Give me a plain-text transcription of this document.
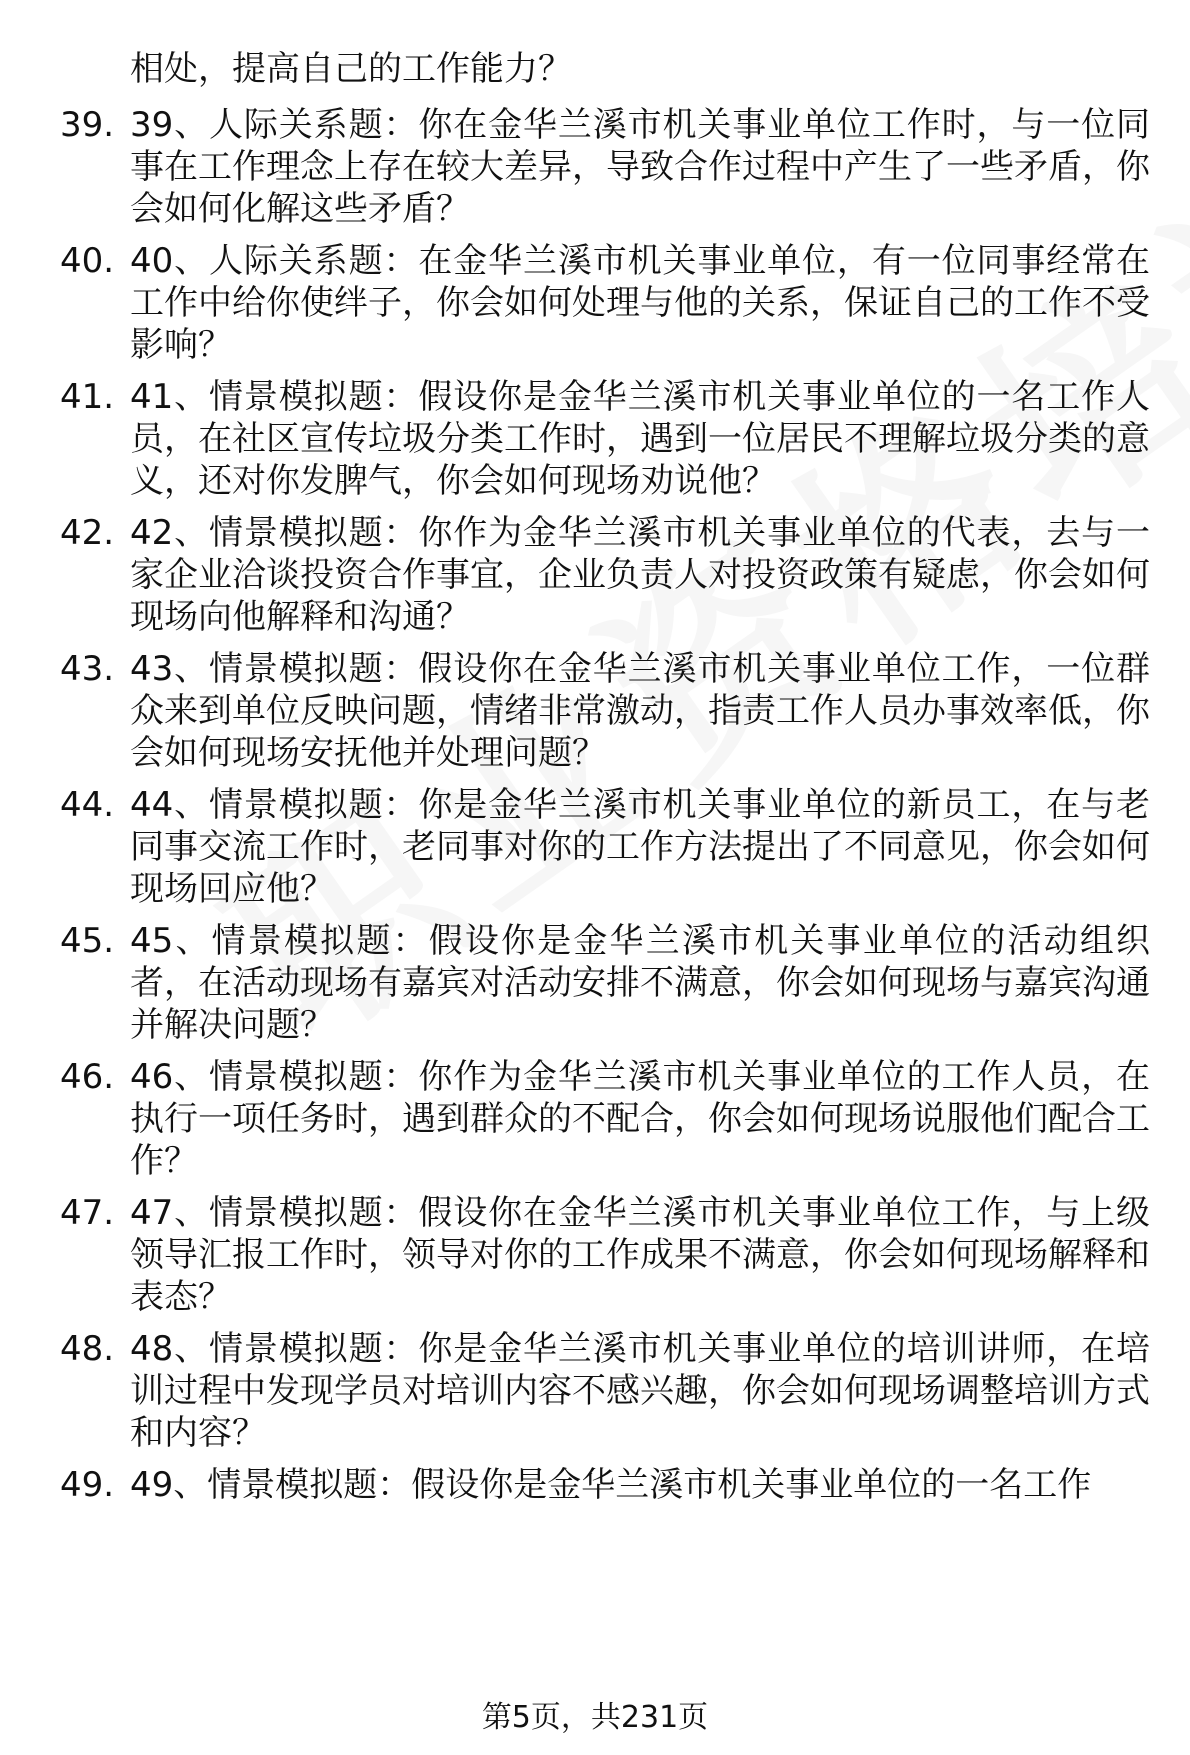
相处，提高自己的工作能力？

39. 39、人际关系题：你在金华兰溪市机关事业单位工作时，与一位同事在工作理念上存在较大差异，导致合作过程中产生了一些矛盾，你会如何化解这些矛盾？
40. 40、人际关系题：在金华兰溪市机关事业单位，有一位同事经常在工作中给你使绊子，你会如何处理与他的关系，保证自己的工作不受影响？
41. 41、情景模拟题：假设你是金华兰溪市机关事业单位的一名工作人员，在社区宣传垃圾分类工作时，遇到一位居民不理解垃圾分类的意义，还对你发脾气，你会如何现场劝说他？
42. 42、情景模拟题：你作为金华兰溪市机关事业单位的代表，去与一家企业洽谈投资合作事宜，企业负责人对投资政策有疑虑，你会如何现场向他解释和沟通？
43. 43、情景模拟题：假设你在金华兰溪市机关事业单位工作，一位群众来到单位反映问题，情绪非常激动，指责工作人员办事效率低，你会如何现场安抚他并处理问题？
44. 44、情景模拟题：你是金华兰溪市机关事业单位的新员工，在与老同事交流工作时，老同事对你的工作方法提出了不同意见，你会如何现场回应他？
45. 45、情景模拟题：假设你是金华兰溪市机关事业单位的活动组织者，在活动现场有嘉宾对活动安排不满意，你会如何现场与嘉宾沟通并解决问题？
46. 46、情景模拟题：你作为金华兰溪市机关事业单位的工作人员，在执行一项任务时，遇到群众的不配合，你会如何现场说服他们配合工作？
47. 47、情景模拟题：假设你在金华兰溪市机关事业单位工作，与上级领导汇报工作时，领导对你的工作成果不满意，你会如何现场解释和表态？
48. 48、情景模拟题：你是金华兰溪市机关事业单位的培训讲师，在培训过程中发现学员对培训内容不感兴趣，你会如何现场调整培训方式和内容？
49. 49、情景模拟题：假设你是金华兰溪市机关事业单位的一名工作
第5页，共231页
